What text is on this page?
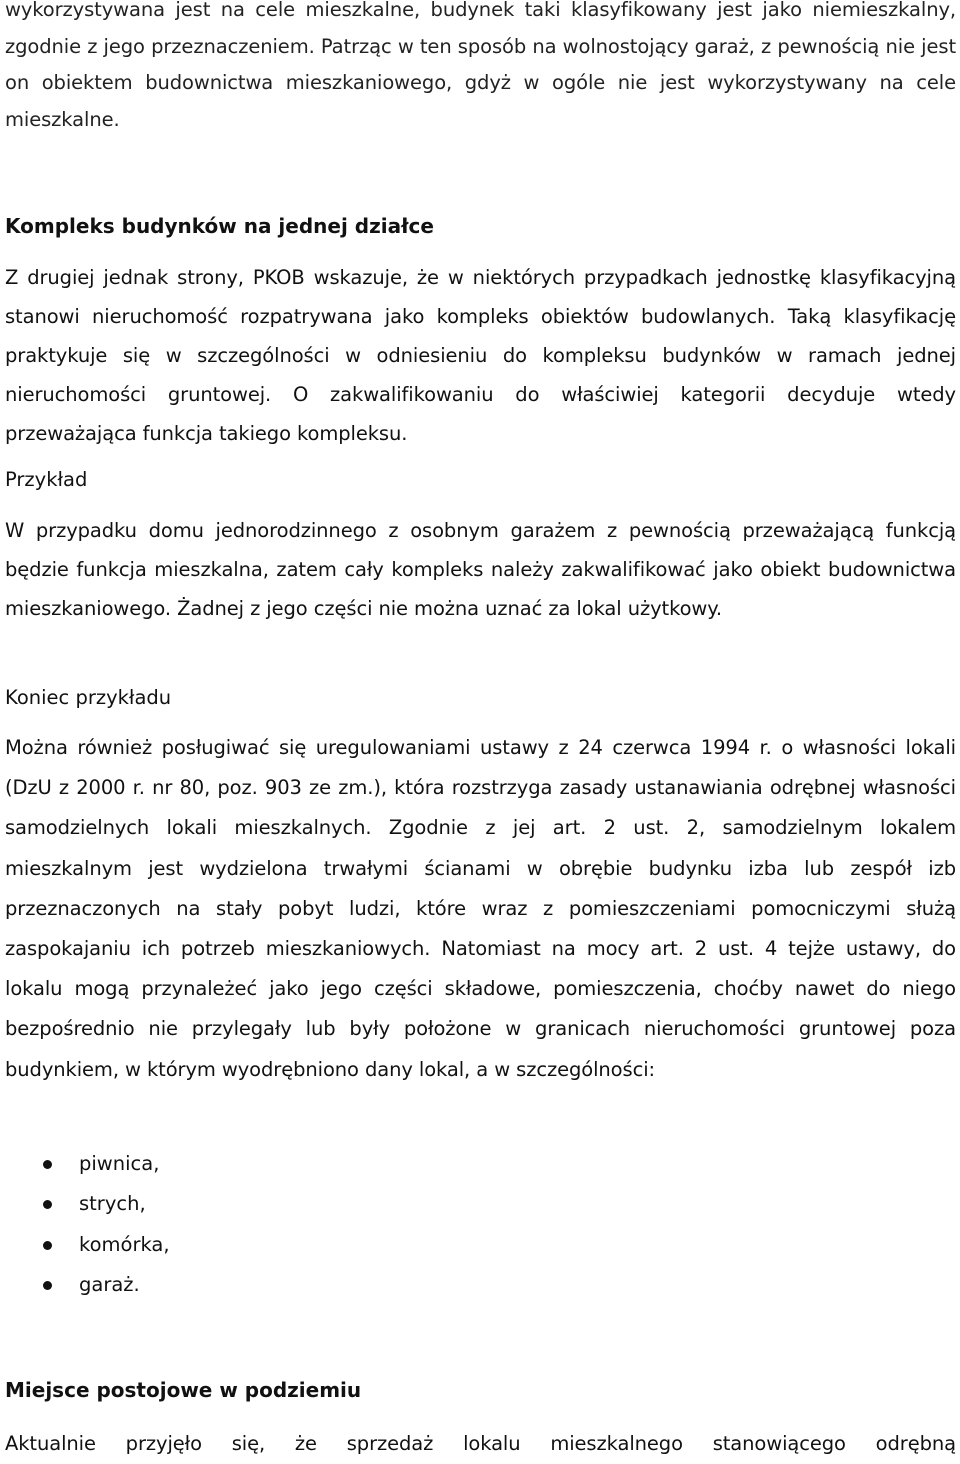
wykorzystywana jest na cele mieszkalne, budynek taki klasyfikowany jest jako niemieszkalny, zgodnie z jego przeznaczeniem. Patrząc w ten sposób na wolnostojący garaż, z pewnością nie jest on obiektem budownictwa mieszkaniowego, gdyż w ogóle nie jest wykorzystywany na cele mieszkalne.

Kompleks budynków na jednej działce

Z drugiej jednak strony, PKOB wskazuje, że w niektórych przypadkach jednostkę klasyfikacyjną stanowi nieruchomość rozpatrywana jako kompleks obiektów budowlanych. Taką klasyfikację praktykuje się w szczególności w odniesieniu do kompleksu budynków w ramach jednej nieruchomości gruntowej. O zakwalifikowaniu do właściwiej kategorii decyduje wtedy przeważająca funkcja takiego kompleksu.

Przykład

W przypadku domu jednorodzinnego z osobnym garażem z pewnością przeważającą funkcją będzie funkcja mieszkalna, zatem cały kompleks należy zakwalifikować jako obiekt budownictwa mieszkaniowego. Żadnej z jego części nie można uznać za lokal użytkowy.

Koniec przykładu

Można również posługiwać się uregulowaniami ustawy z 24 czerwca 1994 r. o własności lokali (DzU z 2000 r. nr 80, poz. 903 ze zm.), która rozstrzyga zasady ustanawiania odrębnej własności samodzielnych lokali mieszkalnych. Zgodnie z jej art. 2 ust. 2, samodzielnym lokalem mieszkalnym jest wydzielona trwałymi ścianami w obrębie budynku izba lub zespół izb przeznaczonych na stały pobyt ludzi, które wraz z pomieszczeniami pomocniczymi służą zaspokajaniu ich potrzeb mieszkaniowych. Natomiast na mocy art. 2 ust. 4 tejże ustawy, do lokalu mogą przynależeć jako jego części składowe, pomieszczenia, choćby nawet do niego bezpośrednio nie przylegały lub były położone w granicach nieruchomości gruntowej poza budynkiem, w którym wyodrębniono dany lokal, a w szczególności:

piwnica,
strych,
komórka,
garaż.
Miejsce postojowe w podziemiu

Aktualnie przyjęło się, że sprzedaż lokalu mieszkalnego stanowiącego odrębną
